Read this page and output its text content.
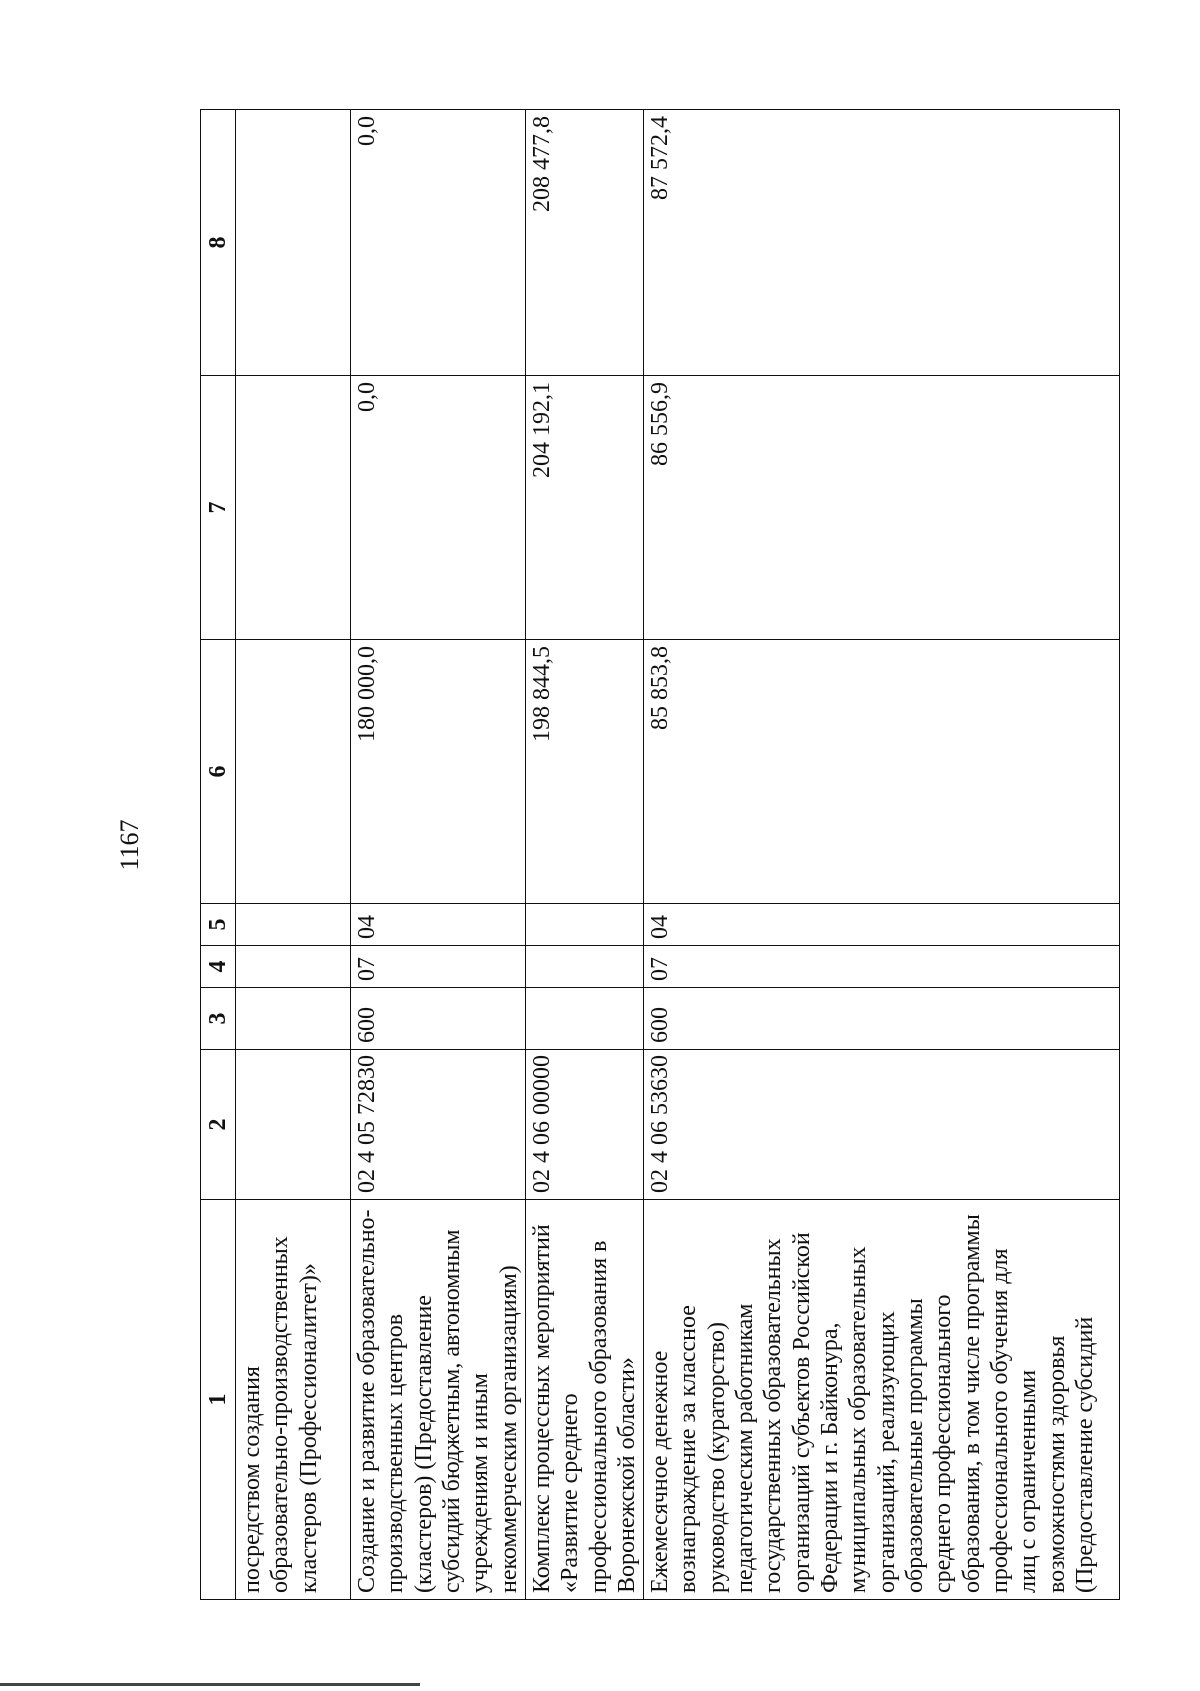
1167
1	2	3	4	5	6	7	8
посредством создания образовательно-производственных кластеров (Профессионалитет)»							
Создание и развитие образовательно-производственных центров (кластеров) (Предоставление субсидий бюджетным, автономным учреждениям и иным некоммерческим организациям)	02 4 05 72830	600	07	04	180 000,0	0,0	0,0
Комплекс процессных мероприятий «Развитие среднего профессионального образования в Воронежской области»	02 4 06 00000				198 844,5	204 192,1	208 477,8
Ежемесячное денежное вознаграждение за классное руководство (кураторство) педагогическим работникам государственных образовательных организаций субъектов Российской Федерации и г. Байконура, муниципальных образовательных организаций, реализующих образовательные программы среднего профессионального образования, в том числе программы профессионального обучения для лиц с ограниченными возможностями здоровья (Предоставление субсидий	02 4 06 53630	600	07	04	85 853,8	86 556,9	87 572,4
